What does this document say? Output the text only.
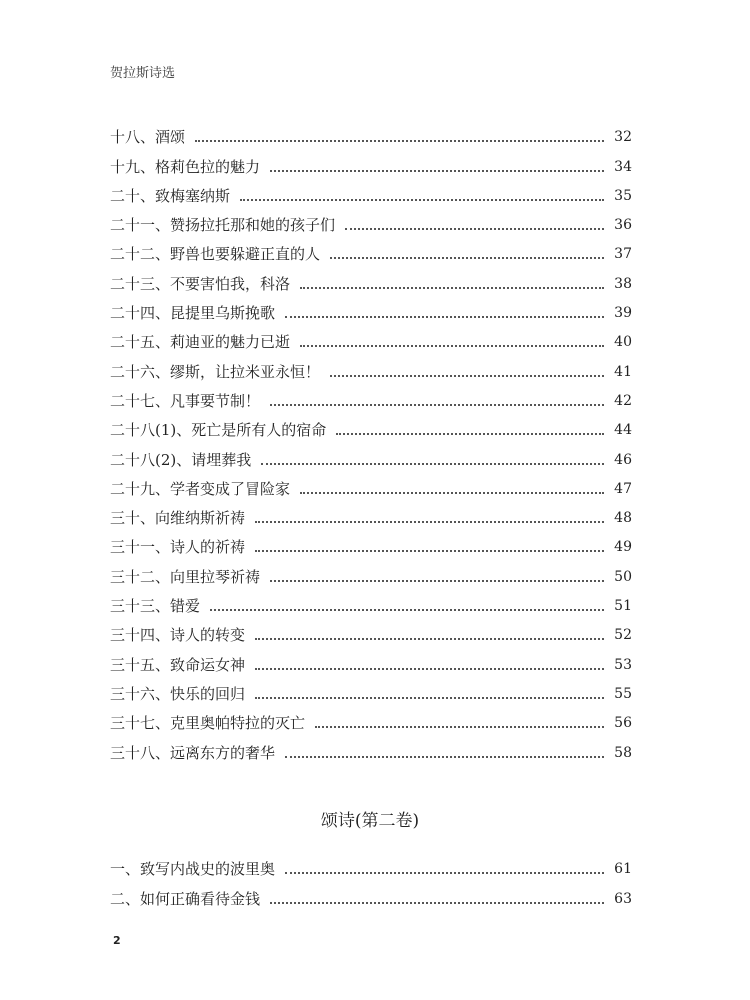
贺拉斯诗选
十八、酒颂	32
十九、格莉色拉的魅力	34
二十、致梅塞纳斯	35
二十一、赞扬拉托那和她的孩子们	36
二十二、野兽也要躲避正直的人	37
二十三、不要害怕我，科洛	38
二十四、昆提里乌斯挽歌	39
二十五、莉迪亚的魅力已逝	40
二十六、缪斯，让拉米亚永恒！	41
二十七、凡事要节制！	42
二十八(1)、死亡是所有人的宿命	44
二十八(2)、请埋葬我	46
二十九、学者变成了冒险家	47
三十、向维纳斯祈祷	48
三十一、诗人的祈祷	49
三十二、向里拉琴祈祷	50
三十三、错爱	51
三十四、诗人的转变	52
三十五、致命运女神	53
三十六、快乐的回归	55
三十七、克里奥帕特拉的灭亡	56
三十八、远离东方的奢华	58
颂诗(第二卷)
一、致写内战史的波里奥	61
二、如何正确看待金钱	63
2
